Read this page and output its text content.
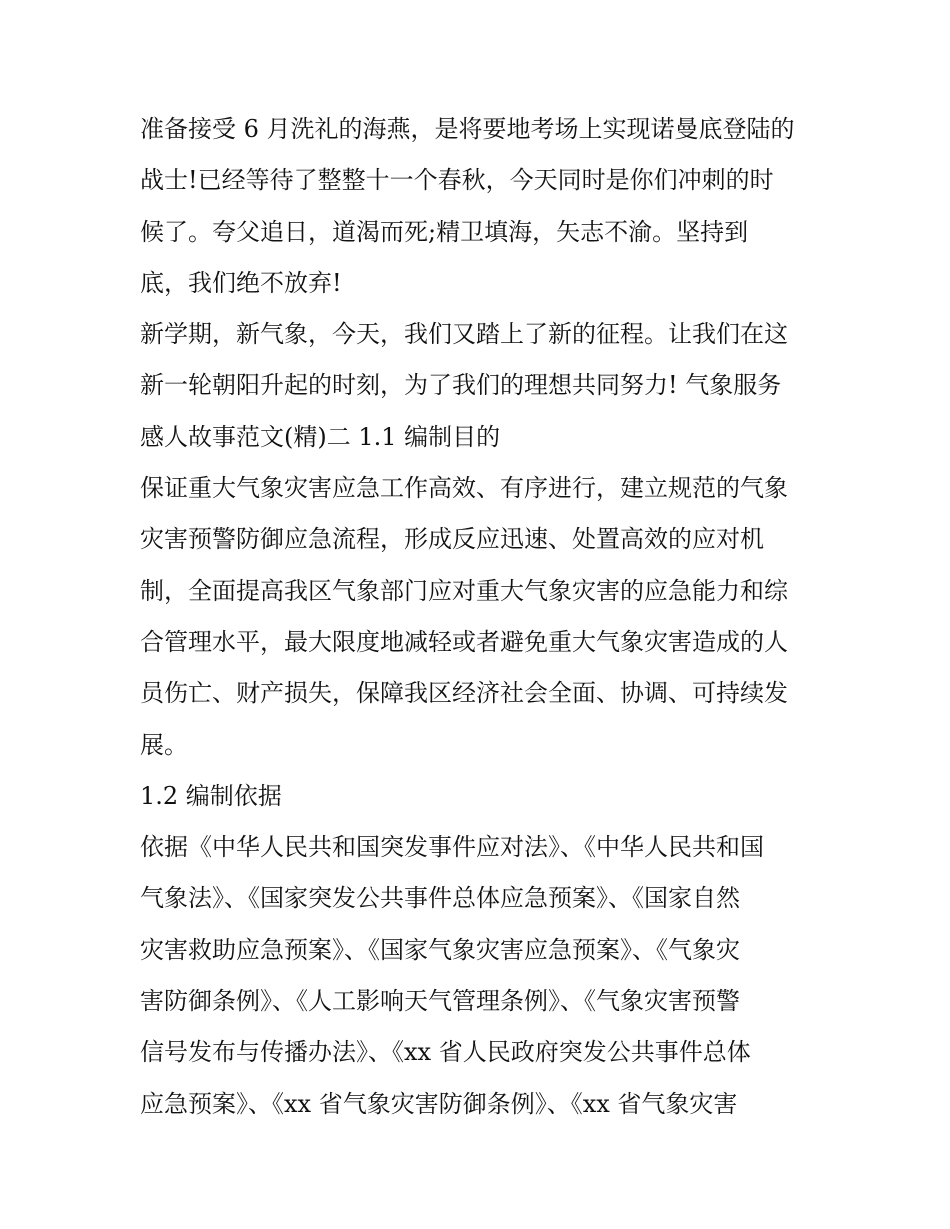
准备接受 6 月洗礼的海燕，是将要地考场上实现诺曼底登陆的
战士!已经等待了整整十一个春秋，今天同时是你们冲刺的时
候了。夸父追日，道渴而死;精卫填海，矢志不渝。坚持到
底，我们绝不放弃!
新学期，新气象，今天，我们又踏上了新的征程。让我们在这
新一轮朝阳升起的时刻，为了我们的理想共同努力! 气象服务
感人故事范文(精)二 1.1 编制目的
保证重大气象灾害应急工作高效、有序进行，建立规范的气象
灾害预警防御应急流程，形成反应迅速、处置高效的应对机
制，全面提高我区气象部门应对重大气象灾害的应急能力和综
合管理水平，最大限度地减轻或者避免重大气象灾害造成的人
员伤亡、财产损失，保障我区经济社会全面、协调、可持续发
展。
1.2 编制依据
依据《中华人民共和国突发事件应对法》、《中华人民共和国
气象法》、《国家突发公共事件总体应急预案》、《国家自然
灾害救助应急预案》、《国家气象灾害应急预案》、《气象灾
害防御条例》、《人工影响天气管理条例》、《气象灾害预警
信号发布与传播办法》、《xx 省人民政府突发公共事件总体
应急预案》、《xx 省气象灾害防御条例》、《xx 省气象灾害
